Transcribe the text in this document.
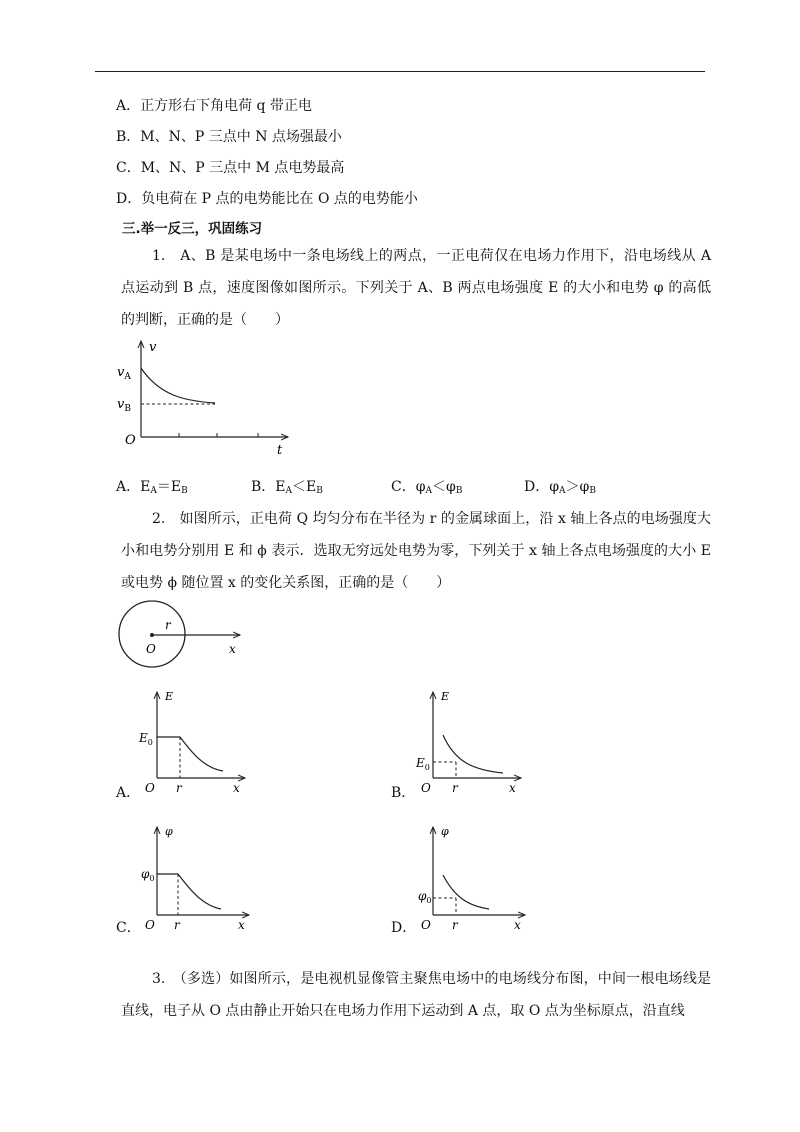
A．正方形右下角电荷 q 带正电
B．M、N、P 三点中 N 点场强最小
C．M、N、P 三点中 M 点电势最高
D．负电荷在 P 点的电势能比在 O 点的电势能小
三.举一反三，巩固练习
1.　A、B 是某电场中一条电场线上的两点，一正电荷仅在电场力作用下，沿电场线从 A 点运动到 B 点，速度图像如图所示。下列关于 A、B 两点电场强度 E 的大小和电势 φ 的高低的判断，正确的是（　　）
v
t
O
$v_A$
$v_B$
A．$E_A=E_B$	B．$E_A<E_B$	C．$\varphi_A<\varphi_B$	D．$\varphi_A>\varphi_B$
2.　如图所示，正电荷 Q 均匀分布在半径为 r 的金属球面上，沿 x 轴上各点的电场强度大小和电势分别用 E 和 ϕ 表示．选取无穷远处电势为零，下列关于 x 轴上各点电场强度的大小 E 或电势 ϕ 随位置 x 的变化关系图，正确的是（　　）
r
O	x
A．
E
$E_0$
O r	x	B．
E
$E_0$
O r	x
C．
φ
$\varphi_0$
O r	x	D．
φ
$\varphi_0$
O r	x
3.　（多选）如图所示，是电视机显像管主聚焦电场中的电场线分布图，中间一根电场线是直线，电子从 O 点由静止开始只在电场力作用下运动到 A 点，取 O 点为坐标原点，沿直线
